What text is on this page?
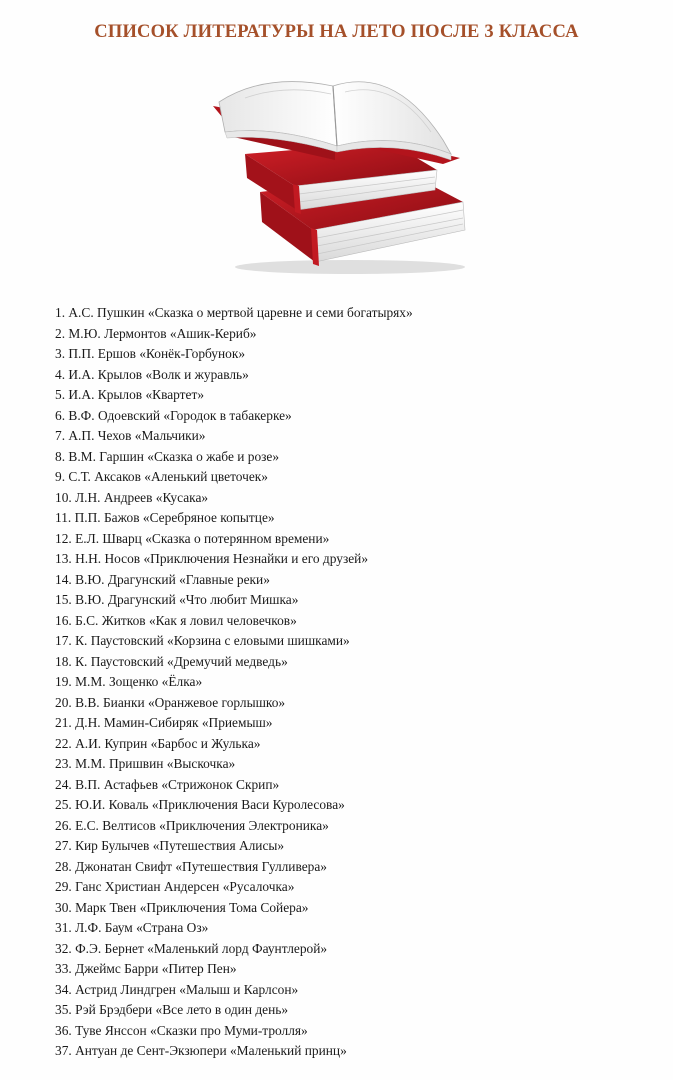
СПИСОК ЛИТЕРАТУРЫ НА ЛЕТО ПОСЛЕ 3 КЛАССА
1. А.С. Пушкин «Сказка о мертвой царевне и семи богатырях»
2. М.Ю. Лермонтов «Ашик-Кериб»
3. П.П. Ершов «Конёк-Горбунок»
4. И.А. Крылов «Волк и журавль»
5. И.А. Крылов «Квартет»
6. В.Ф. Одоевский «Городок в табакерке»
7. А.П. Чехов «Мальчики»
8. В.М. Гаршин «Сказка о жабе и розе»
9. С.Т. Аксаков «Аленький цветочек»
10. Л.Н. Андреев «Кусака»
11. П.П. Бажов «Серебряное копытце»
12. Е.Л. Шварц «Сказка о потерянном времени»
13. Н.Н. Носов «Приключения Незнайки и его друзей»
14. В.Ю. Драгунский «Главные реки»
15. В.Ю. Драгунский «Что любит Мишка»
16. Б.С. Житков «Как я ловил человечков»
17. К. Паустовский «Корзина с еловыми шишками»
18. К. Паустовский «Дремучий медведь»
19. М.М. Зощенко «Ёлка»
20. В.В. Бианки «Оранжевое горлышко»
21. Д.Н. Мамин-Сибиряк «Приемыш»
22. А.И. Куприн «Барбос и Жулька»
23. М.М. Пришвин «Выскочка»
24. В.П. Астафьев «Стрижонок Скрип»
25. Ю.И. Коваль «Приключения Васи Куролесова»
26. Е.С. Велтисов «Приключения Электроника»
27. Кир Булычев «Путешествия Алисы»
28. Джонатан Свифт «Путешествия Гулливера»
29. Ганс Христиан Андерсен «Русалочка»
30. Марк Твен «Приключения Тома Сойера»
31. Л.Ф. Баум «Страна Оз»
32. Ф.Э. Бернет «Маленький лорд Фаунтлерой»
33. Джеймс Барри «Питер Пен»
34. Астрид Линдгрен «Малыш и Карлсон»
35. Рэй Брэдбери «Все лето в один день»
36. Туве Янссон «Сказки про Муми-тролля»
37. Антуан де Сент-Экзюпери «Маленький принц»
